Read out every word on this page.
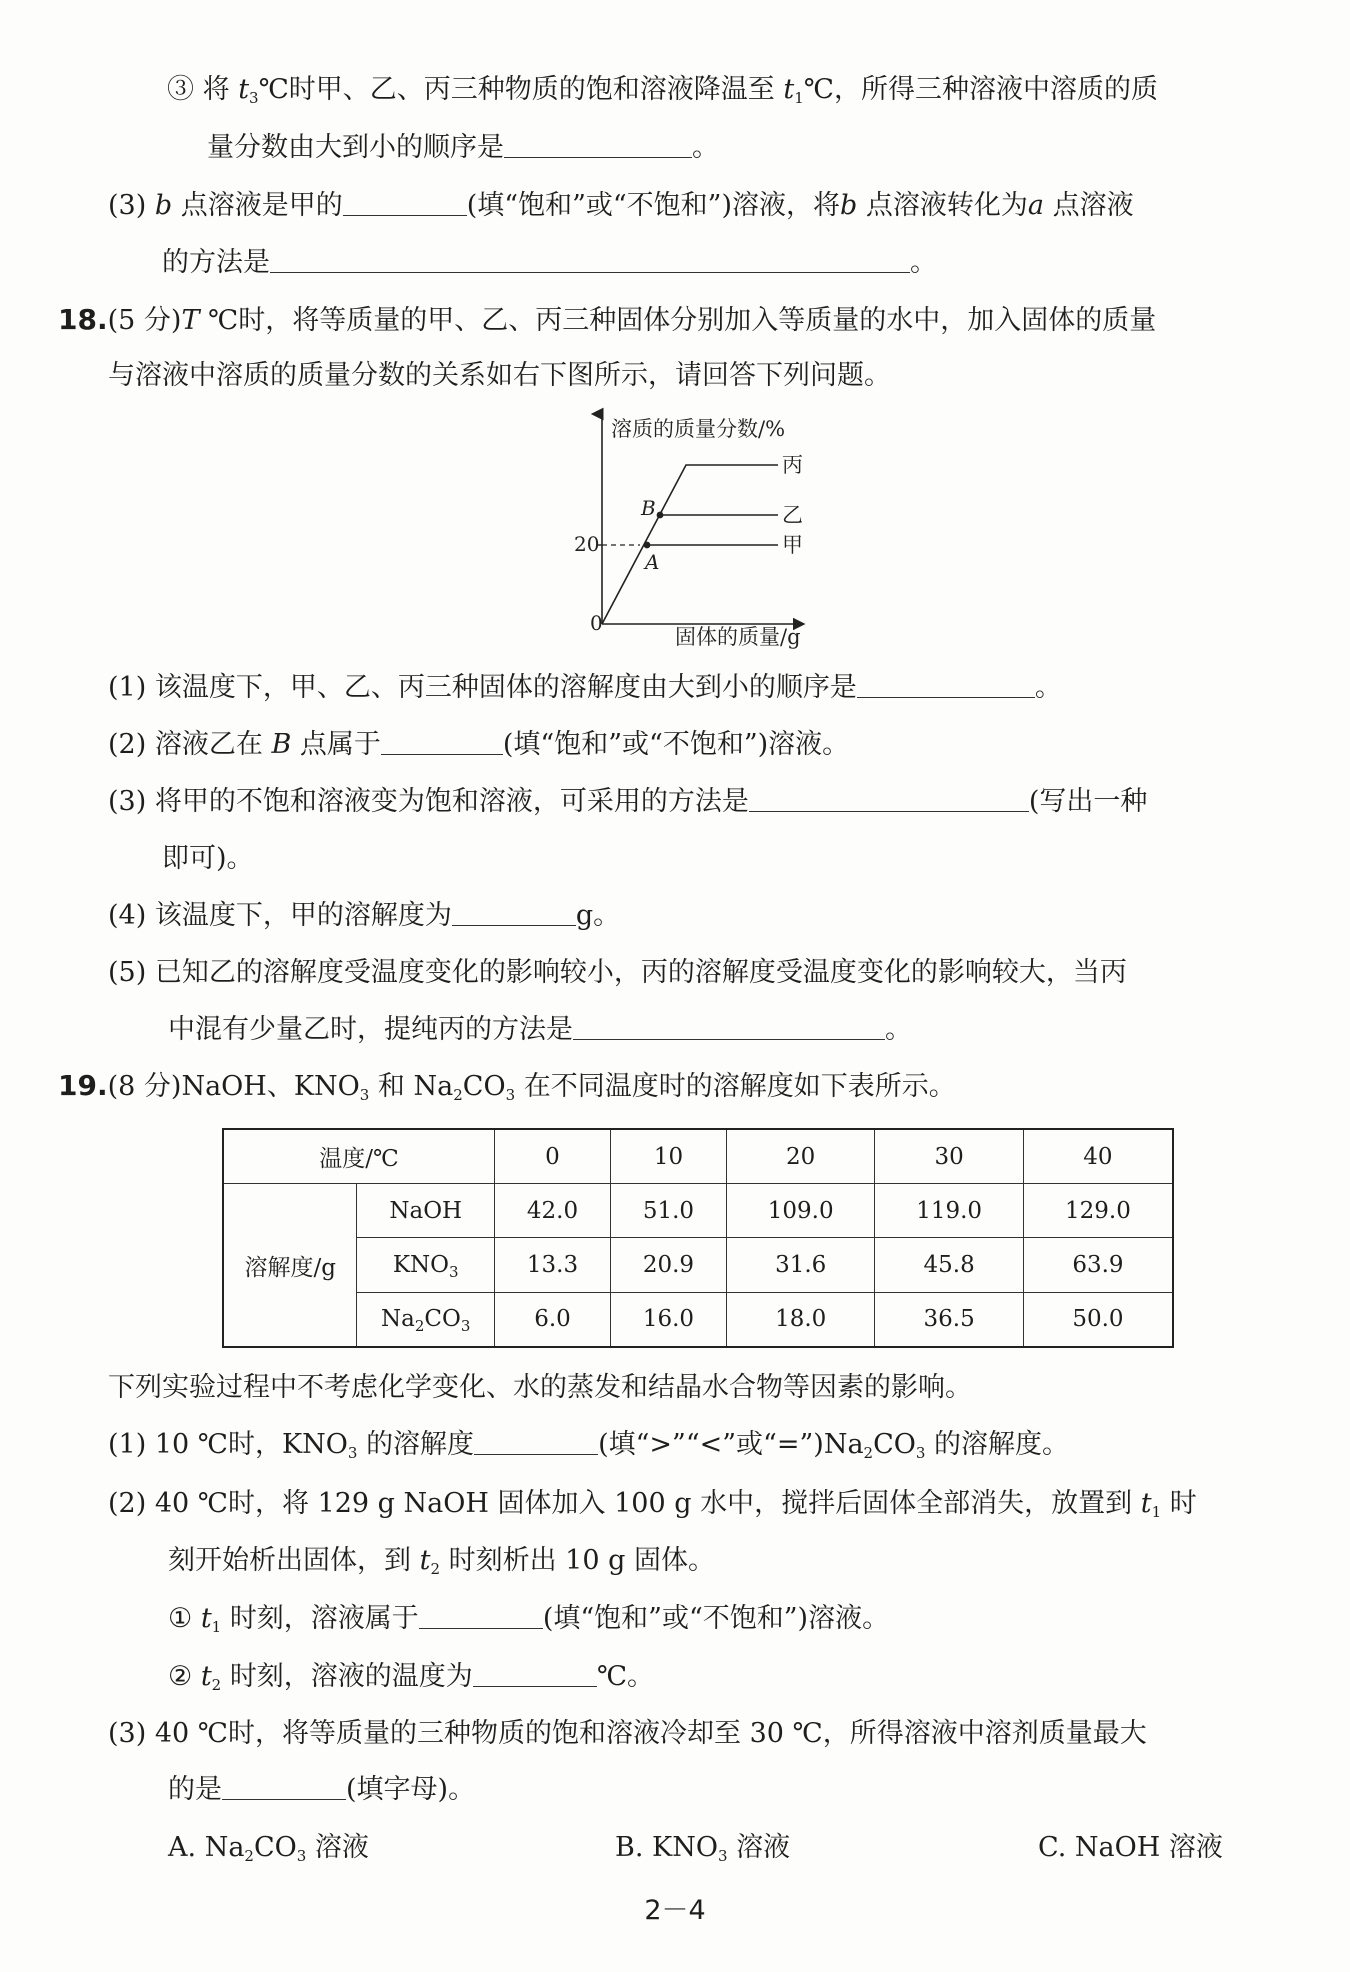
③ 将 $t_3℃$时甲、乙、丙三种物质的饱和溶液降温至 $t_1℃$，所得三种溶液中溶质的质
量分数由大到小的顺序是	。
(3) b 点溶液是甲的	(填“饱和”或“不饱和”)溶液，将b 点溶液转化为a 点溶液
的方法是	。
18.(5 分)T ℃时，将等质量的甲、乙、丙三种固体分别加入等质量的水中，加入固体的质量
与溶液中溶质的质量分数的关系如右下图所示，请回答下列问题。
溶质的质量分数/%
固体的质量/g
0
20
B
A
丙
乙
甲
(1) 该温度下，甲、乙、丙三种固体的溶解度由大到小的顺序是	。
(2) 溶液乙在 B 点属于	(填“饱和”或“不饱和”)溶液。
(3) 将甲的不饱和溶液变为饱和溶液，可采用的方法是	(写出一种
即可)。
(4) 该温度下，甲的溶解度为	g。
(5) 已知乙的溶解度受温度变化的影响较小，丙的溶解度受温度变化的影响较大，当丙
中混有少量乙时，提纯丙的方法是	。
19.(8 分)NaOH、$KNO_3$ 和 $Na_2CO_3$ 在不同温度时的溶解度如下表所示。
温度/℃		0	10	20	30	40
溶解度/g	NaOH	42.0	51.0	109.0	119.0	129.0
	$KNO_3$	13.3	20.9	31.6	45.8	63.9
	$Na_2CO_3$	6.0	16.0	18.0	36.5	50.0
下列实验过程中不考虑化学变化、水的蒸发和结晶水合物等因素的影响。
(1) 10 ℃时，$KNO_3$ 的溶解度	(填“>”“<”或“$=”)Na_2CO_3$ 的溶解度。
(2) 40 ℃时，将 129 g NaOH 固体加入 100 g 水中，搅拌后固体全部消失，放置到 $t_1$ 时
刻开始析出固体，到 $t_2$ 时刻析出 10 g 固体。
① $t_1$ 时刻，溶液属于	(填“饱和”或“不饱和”)溶液。
② $t_2$ 时刻，溶液的温度为	℃。
(3) 40 ℃时，将等质量的三种物质的饱和溶液冷却至 30 ℃，所得溶液中溶剂质量最大
的是	(填字母)。
A. $Na_2CO_3$ 溶液	B. $KNO_3$ 溶液	C. NaOH 溶液
2－4
